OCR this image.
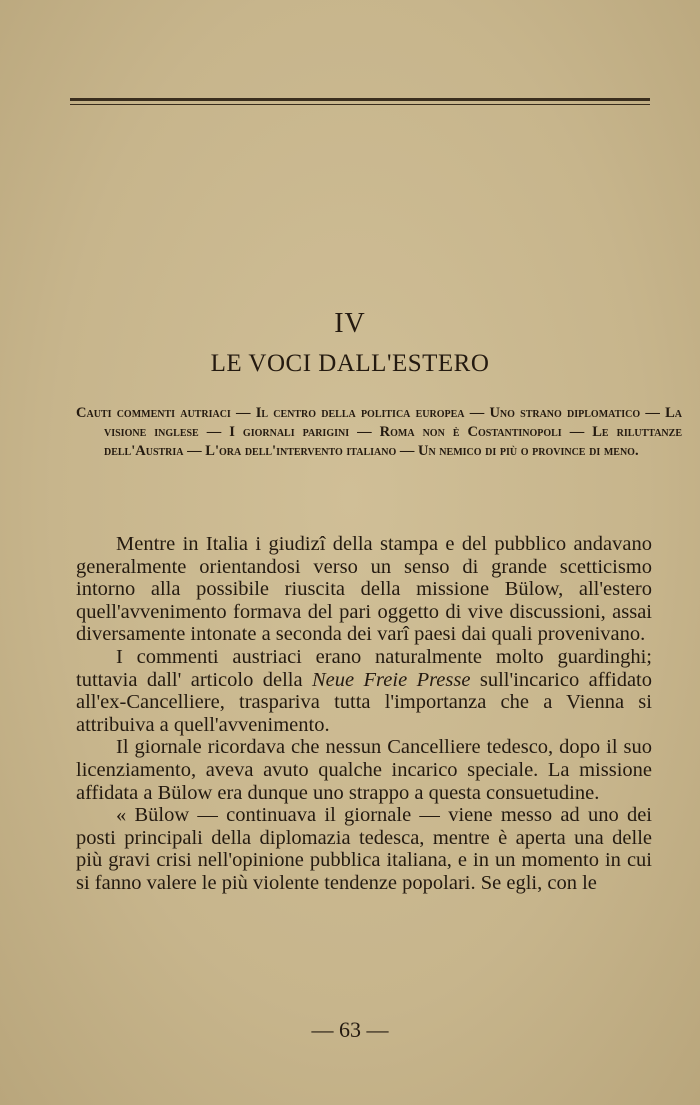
IV
LE VOCI DALL'ESTERO
Cauti commenti autriaci — Il centro della politica europea — Uno strano diplomatico — La visione inglese — I giornali parigini — Roma non è Costantinopoli — Le riluttanze dell'Austria — L'ora dell'intervento italiano — Un nemico di più o province di meno.

Mentre in Italia i giudizî della stampa e del pubblico andavano generalmente orientandosi verso un senso di grande scetticismo intorno alla possibile riuscita della missione Bülow, all'estero quell'avvenimento formava del pari oggetto di vive discussioni, assai diversamente intonate a seconda dei varî paesi dai quali provenivano.

I commenti austriaci erano naturalmente molto guardinghi; tuttavia dall' articolo della Neue Freie Presse sull'incarico affidato all'ex-Cancelliere, traspariva tutta l'importanza che a Vienna si attribuiva a quell'avvenimento.

Il giornale ricordava che nessun Cancelliere tedesco, dopo il suo licenziamento, aveva avuto qualche incarico speciale. La missione affidata a Bülow era dunque uno strappo a questa consuetudine.

« Bülow — continuava il giornale — viene messo ad uno dei posti principali della diplomazia tedesca, mentre è aperta una delle più gravi crisi nell'opinione pubblica italiana, e in un momento in cui si fanno valere le più violente tendenze popolari. Se egli, con le

— 63 —
